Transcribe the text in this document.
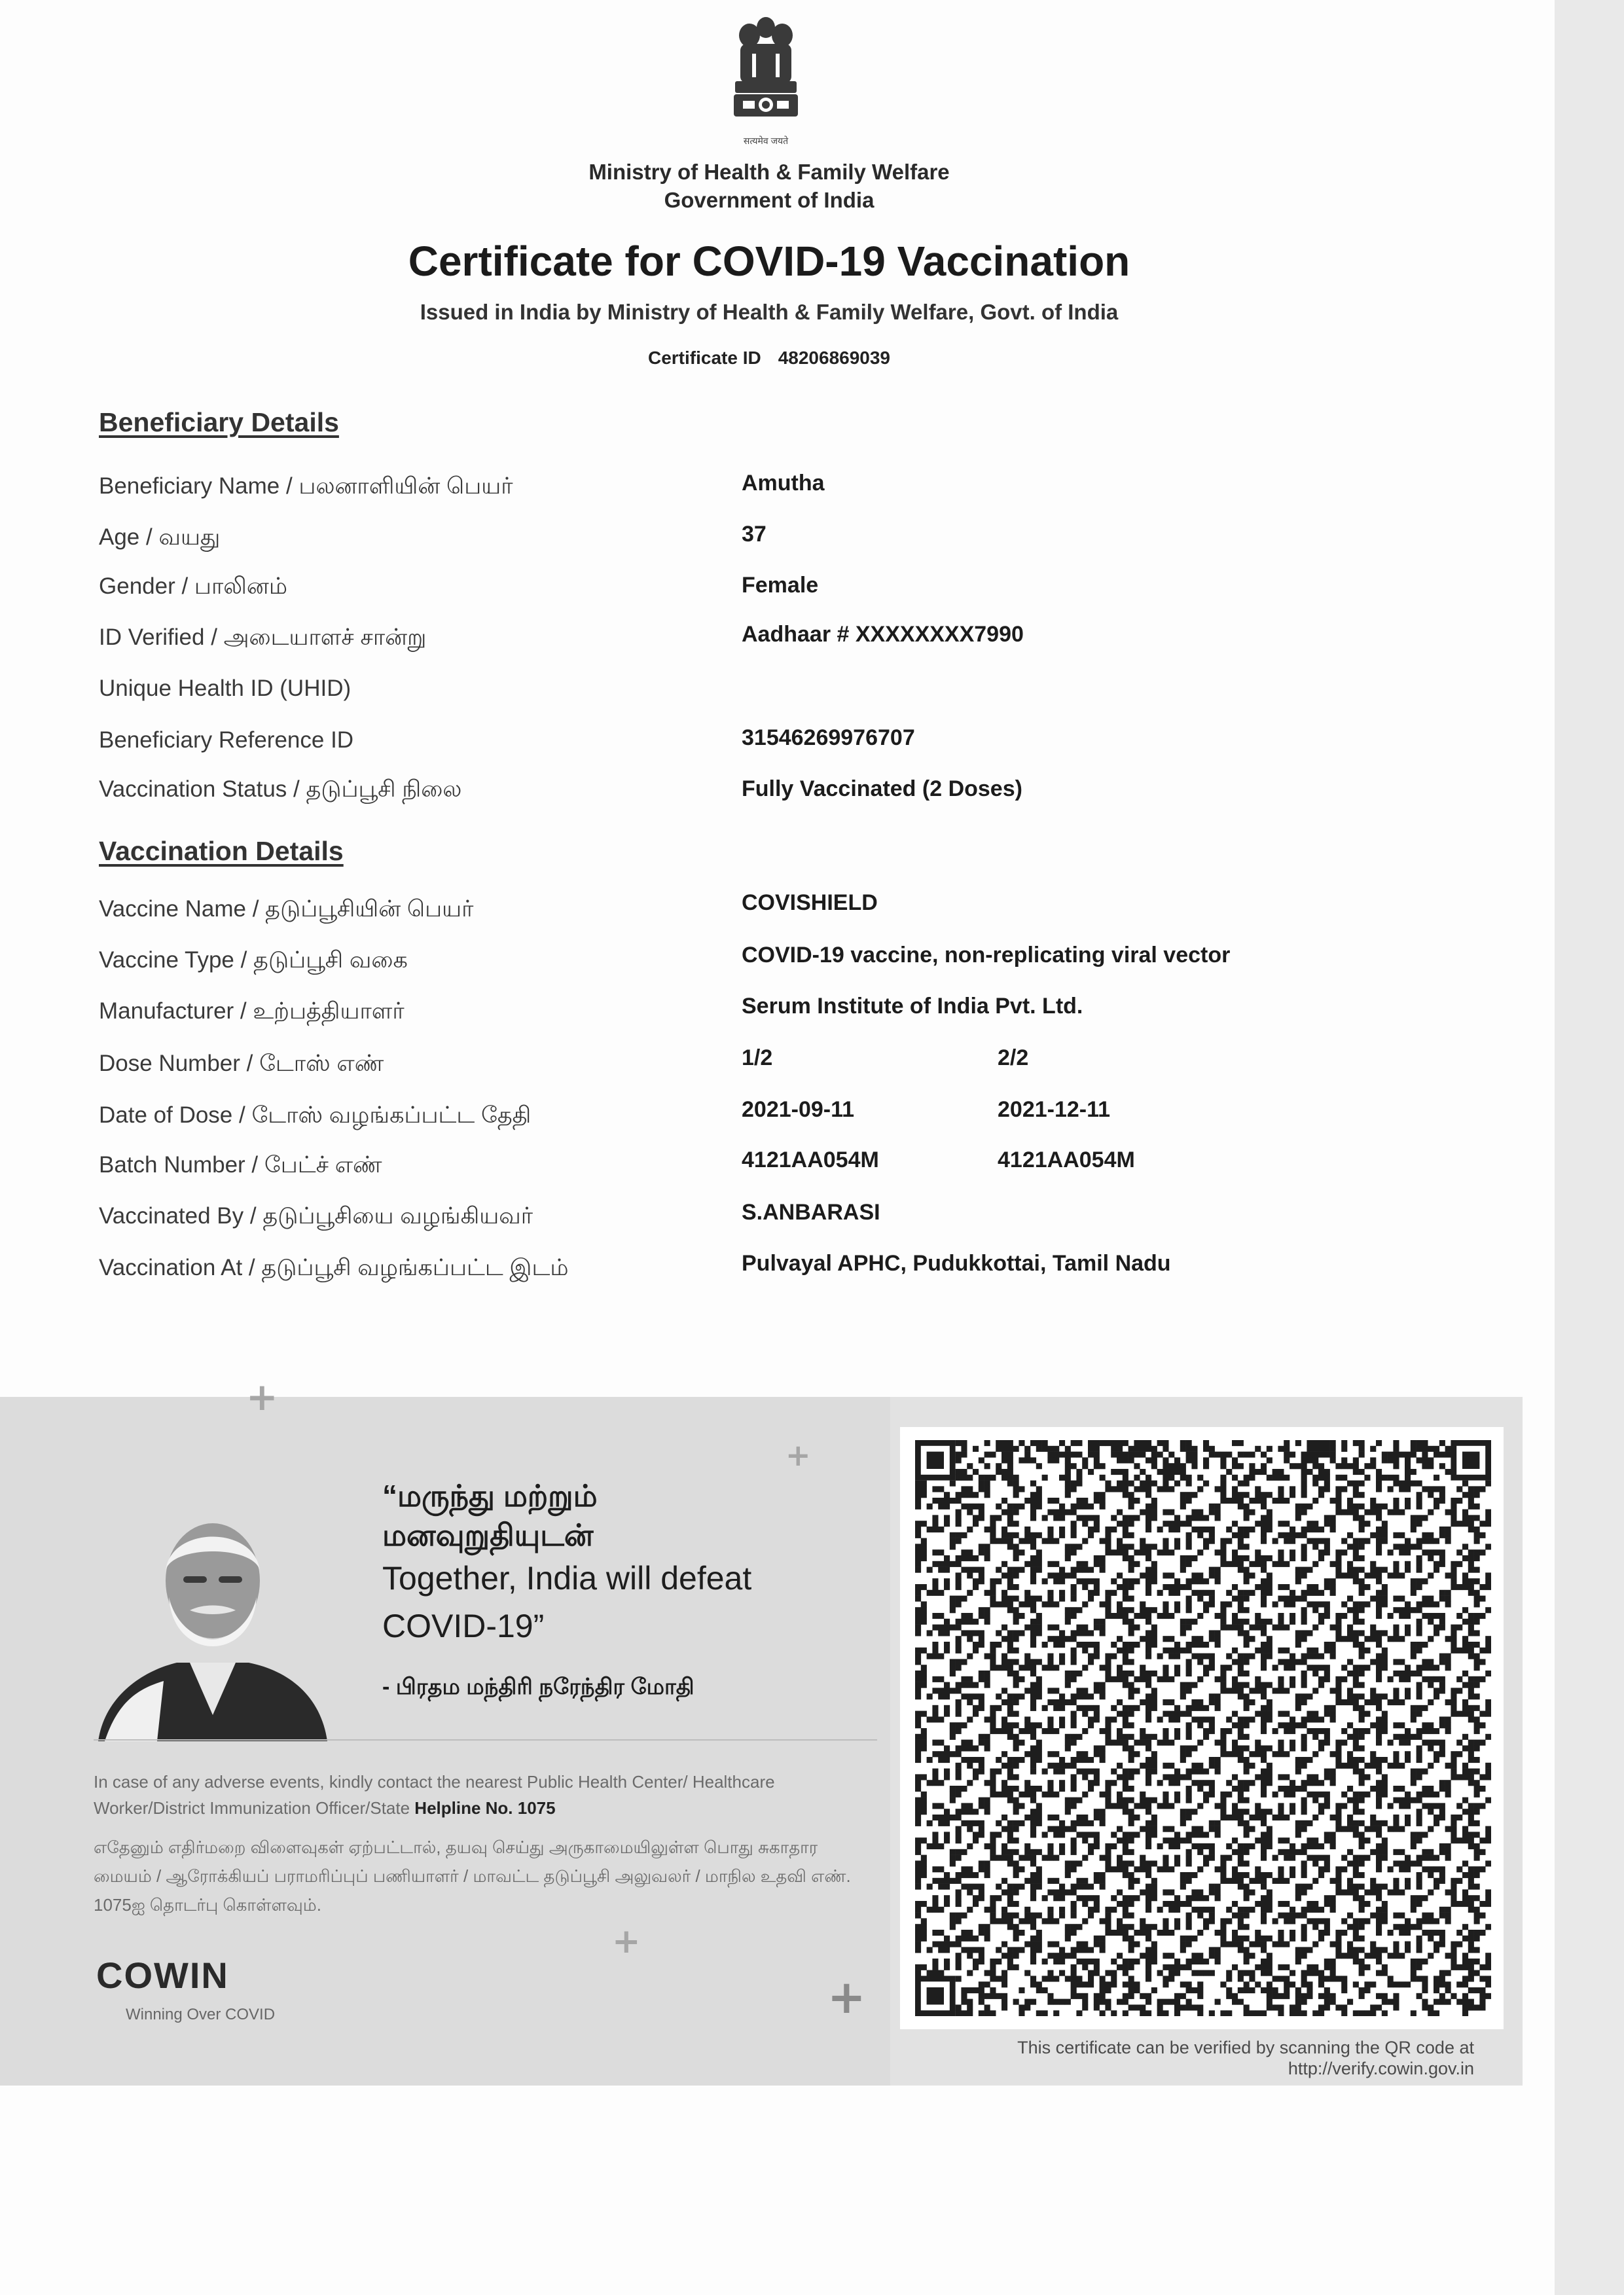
सत्यमेव जयते
Ministry of Health & Family Welfare
Government of India
Certificate for COVID-19 Vaccination
Issued in India by Ministry of Health & Family Welfare, Govt. of India
Certificate ID 48206869039
Beneficiary Details
Beneficiary Name / பலனாளியின் பெயர்	Amutha
Age / வயது	37
Gender / பாலினம்	Female
ID Verified / அடையாளச் சான்று	Aadhaar # XXXXXXXX7990
Unique Health ID (UHID)
Beneficiary Reference ID	31546269976707
Vaccination Status / தடுப்பூசி நிலை	Fully Vaccinated (2 Doses)
Vaccination Details
Vaccine Name / தடுப்பூசியின் பெயர்	COVISHIELD
Vaccine Type / தடுப்பூசி வகை	COVID-19 vaccine, non-replicating viral vector
Manufacturer / உற்பத்தியாளர்	Serum Institute of India Pvt. Ltd.
Dose Number / டோஸ் எண்	1/2	2/2
Date of Dose / டோஸ் வழங்கப்பட்ட தேதி	2021-09-11	2021-12-11
Batch Number / பேட்ச் எண்	4121AA054M	4121AA054M
Vaccinated By / தடுப்பூசியை வழங்கியவர்	S.ANBARASI
Vaccination At / தடுப்பூசி வழங்கப்பட்ட இடம்	Pulvayal APHC, Pudukkottai, Tamil Nadu
+
+
+
+
“மருந்து மற்றும்
மனவுறுதியுடன்
Together, India will defeat
COVID-19”
- பிரதம மந்திரி நரேந்திர மோதி
In case of any adverse events, kindly contact the nearest Public Health Center/ Healthcare Worker/District Immunization Officer/State Helpline No. 1075
எதேனும் எதிர்மறை விளைவுகள் ஏற்பட்டால், தயவு செய்து அருகாமையிலுள்ள பொது சுகாதார மையம் / ஆரோக்கியப் பராமரிப்புப் பணியாளர் / மாவட்ட தடுப்பூசி அலுவலர் / மாநில உதவி எண். 1075ஐ தொடர்பு கொள்ளவும்.
COWIN
Winning Over COVID
This certificate can be verified by scanning the QR code at
http://verify.cowin.gov.in
